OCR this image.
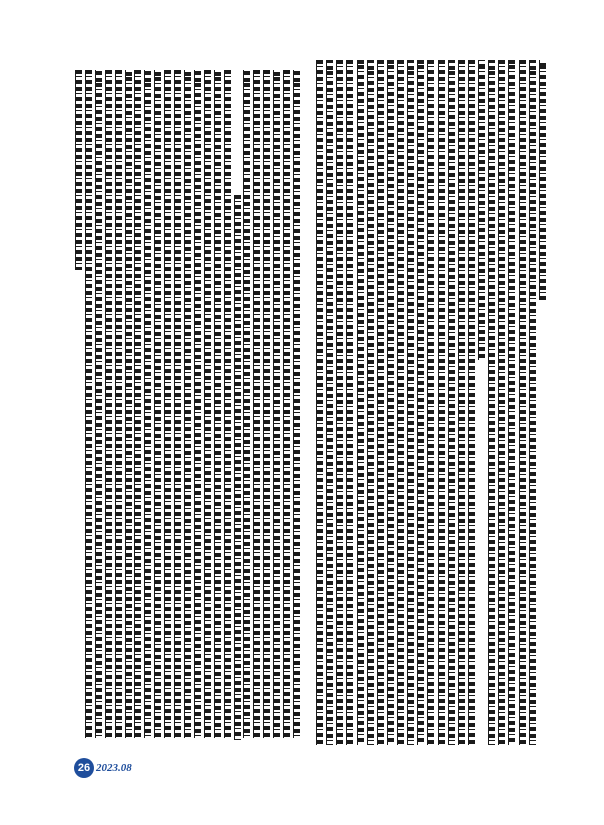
26 2023.08
